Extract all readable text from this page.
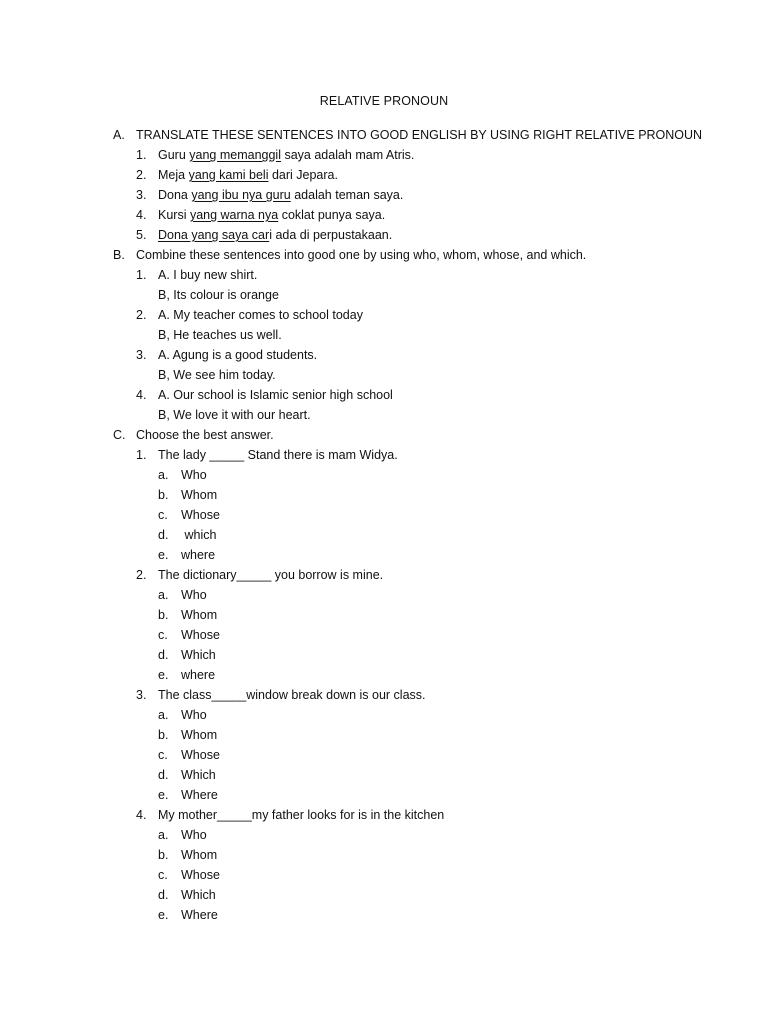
RELATIVE PRONOUN
A. TRANSLATE THESE SENTENCES INTO GOOD ENGLISH BY USING RIGHT RELATIVE PRONOUN
1. Guru yang memanggil saya adalah mam Atris.
2. Meja yang kami beli dari Jepara.
3. Dona yang ibu nya guru adalah teman saya.
4. Kursi yang warna nya coklat punya saya.
5. Dona yang saya cari ada di perpustakaan.
B. Combine these sentences into good one by using who, whom, whose, and which.
1. A. I buy new shirt.
B, Its colour is orange
2. A. My teacher comes to school today
B, He teaches us well.
3. A. Agung is a good students.
B, We see him today.
4. A. Our school is Islamic senior high school
B, We love it with our heart.
C. Choose the best answer.
1. The lady _____ Stand there is mam Widya.
a. Who
b. Whom
c. Whose
d. which
e. where
2. The dictionary_____ you borrow is mine.
a. Who
b. Whom
c. Whose
d. Which
e. where
3. The class_____window break down is our class.
a. Who
b. Whom
c. Whose
d. Which
e. Where
4. My mother_____my father looks for is in the kitchen
a. Who
b. Whom
c. Whose
d. Which
e. Where
